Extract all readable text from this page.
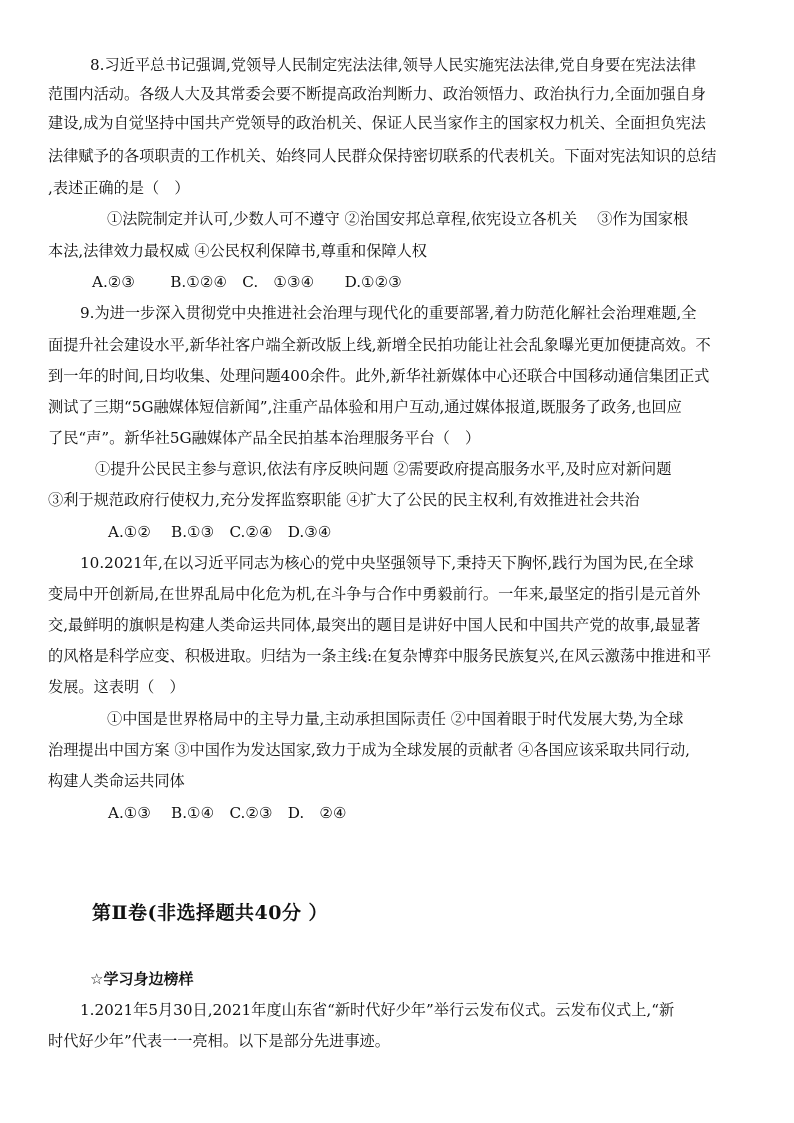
8.习近平总书记强调,党领导人民制定宪法法律,领导人民实施宪法法律,党自身要在宪法法律
范围内活动。各级人大及其常委会要不断提高政治判断力、政治领悟力、政治执行力,全面加强自身
建设,成为自觉坚持中国共产党领导的政治机关、保证人民当家作主的国家权力机关、全面担负宪法
法律赋予的各项职责的工作机关、始终同人民群众保持密切联系的代表机关。下面对宪法知识的总结
,表述正确的是（　）
①法院制定并认可,少数人可不遵守 ②治国安邦总章程,依宪设立各机关　 ③作为国家根
本法,法律效力最权威 ④公民权利保障书,尊重和保障人权
A.②③　　 B.①②④　C.　①③④　　D.①②③
9.为进一步深入贯彻党中央推进社会治理与现代化的重要部署,着力防范化解社会治理难题,全
面提升社会建设水平,新华社客户端全新改版上线,新增全民拍功能让社会乱象曝光更加便捷高效。不
到一年的时间,日均收集、处理问题400余件。此外,新华社新媒体中心还联合中国移动通信集团正式
测试了三期“5G融媒体短信新闻”,注重产品体验和用户互动,通过媒体报道,既服务了政务,也回应
了民“声”。新华社5G融媒体产品全民拍基本治理服务平台（　）
①提升公民民主参与意识,依法有序反映问题 ②需要政府提高服务水平,及时应对新问题
③利于规范政府行使权力,充分发挥监察职能 ④扩大了公民的民主权利,有效推进社会共治
A.①②　 B.①③　C.②④　D.③④
10.2021年,在以习近平同志为核心的党中央坚强领导下,秉持天下胸怀,践行为国为民,在全球
变局中开创新局,在世界乱局中化危为机,在斗争与合作中勇毅前行。一年来,最坚定的指引是元首外
交,最鲜明的旗帜是构建人类命运共同体,最突出的题目是讲好中国人民和中国共产党的故事,最显著
的风格是科学应变、积极进取。归结为一条主线:在复杂博弈中服务民族复兴,在风云激荡中推进和平
发展。这表明（　）
①中国是世界格局中的主导力量,主动承担国际责任 ②中国着眼于时代发展大势,为全球
治理提出中国方案 ③中国作为发达国家,致力于成为全球发展的贡献者 ④各国应该采取共同行动,
构建人类命运共同体
A.①③　 B.①④　C.②③　D.　②④
第Ⅱ卷(非选择题共40分 ）
☆学习身边榜样
1.2021年5月30日,2021年度山东省“新时代好少年”举行云发布仪式。云发布仪式上,“新
时代好少年”代表一一亮相。以下是部分先进事迹。
